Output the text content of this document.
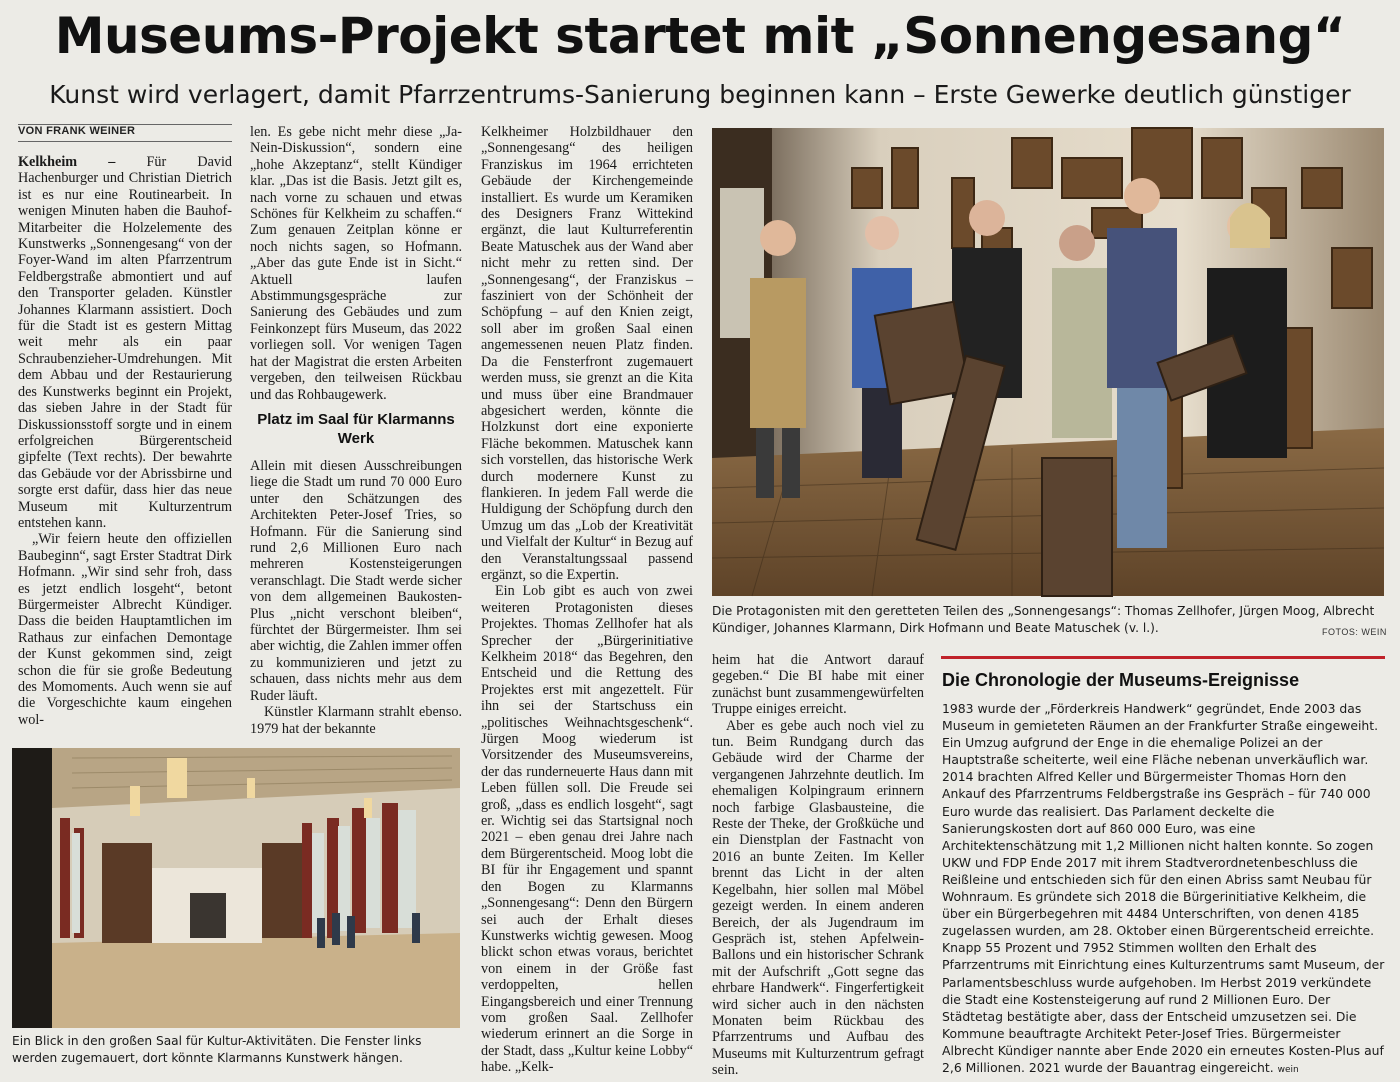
Museums-Projekt startet mit „Sonnengesang“
Kunst wird verlagert, damit Pfarrzentrums-Sanierung beginnen kann – Erste Gewerke deutlich günstiger
VON FRANK WEINER

Kelkheim – Für David Hachenburger und Christian Dietrich ist es nur eine Routinearbeit. In wenigen Minuten haben die Bauhof-Mitarbeiter die Holzelemente des Kunstwerks „Sonnengesang“ von der Foyer-Wand im alten Pfarrzentrum Feldbergstraße abmontiert und auf den Transporter geladen. Künstler Johannes Klarmann assistiert. Doch für die Stadt ist es gestern Mittag weit mehr als ein paar Schraubenzieher-Umdrehungen. Mit dem Abbau und der Restaurierung des Kunstwerks beginnt ein Projekt, das sieben Jahre in der Stadt für Diskussionsstoff sorgte und in einem erfolgreichen Bürgerentscheid gipfelte (Text rechts). Der bewahrte das Gebäude vor der Abrissbirne und sorgte erst dafür, dass hier das neue Museum mit Kulturzentrum entstehen kann.

„Wir feiern heute den offiziellen Baubeginn“, sagt Erster Stadtrat Dirk Hofmann. „Wir sind sehr froh, dass es jetzt endlich losgeht“, betont Bürgermeister Albrecht Kündiger. Dass die beiden Hauptamtlichen im Rathaus zur einfachen Demontage der Kunst gekommen sind, zeigt schon die für sie große Bedeutung des Momoments. Auch wenn sie auf die Vorgeschichte kaum eingehen wol-

len. Es gebe nicht mehr diese „Ja-Nein-Diskussion“, sondern eine „hohe Akzeptanz“, stellt Kündiger klar. „Das ist die Basis. Jetzt gilt es, nach vorne zu schauen und etwas Schönes für Kelkheim zu schaffen.“ Zum genauen Zeitplan könne er noch nichts sagen, so Hofmann. „Aber das gute Ende ist in Sicht.“ Aktuell laufen Abstimmungsgespräche zur Sanierung des Gebäudes und zum Feinkonzept fürs Museum, das 2022 vorliegen soll. Vor wenigen Tagen hat der Magistrat die ersten Arbeiten vergeben, den teilweisen Rückbau und das Rohbaugewerk.

Platz im Saal für Klarmanns Werk

Allein mit diesen Ausschreibungen liege die Stadt um rund 70 000 Euro unter den Schätzungen des Architekten Peter-Josef Tries, so Hofmann. Für die Sanierung sind rund 2,6 Millionen Euro nach mehreren Kostensteigerungen veranschlagt. Die Stadt werde sicher von dem allgemeinen Baukosten-Plus „nicht verschont bleiben“, fürchtet der Bürgermeister. Ihm sei aber wichtig, die Zahlen immer offen zu kommunizieren und jetzt zu schauen, dass nichts mehr aus dem Ruder läuft.

Künstler Klarmann strahlt ebenso. 1979 hat der bekannte

Kelkheimer Holzbildhauer den „Sonnengesang“ des heiligen Franziskus im 1964 errichteten Gebäude der Kirchengemeinde installiert. Es wurde um Keramiken des Designers Franz Wittekind ergänzt, die laut Kulturreferentin Beate Matuschek aus der Wand aber nicht mehr zu retten sind. Der „Sonnengesang“, der Franziskus – fasziniert von der Schönheit der Schöpfung – auf den Knien zeigt, soll aber im großen Saal einen angemessenen neuen Platz finden. Da die Fensterfront zugemauert werden muss, sie grenzt an die Kita und muss über eine Brandmauer abgesichert werden, könnte die Holzkunst dort eine exponierte Fläche bekommen. Matuschek kann sich vorstellen, das historische Werk durch modernere Kunst zu flankieren. In jedem Fall werde die Huldigung der Schöpfung durch den Umzug um das „Lob der Kreativität und Vielfalt der Kultur“ in Bezug auf den Veranstaltungssaal passend ergänzt, so die Expertin.

Ein Lob gibt es auch von zwei weiteren Protagonisten dieses Projektes. Thomas Zellhofer hat als Sprecher der „Bürgerinitiative Kelkheim 2018“ das Begehren, den Entscheid und die Rettung des Projektes erst mit angezettelt. Für ihn sei der Startschuss ein „politisches Weihnachtsgeschenk“. Jürgen Moog wiederum ist Vorsitzender des Museumsvereins, der das runderneuerte Haus dann mit Leben füllen soll. Die Freude sei groß, „dass es endlich losgeht“, sagt er. Wichtig sei das Startsignal noch 2021 – eben genau drei Jahre nach dem Bürgerentscheid. Moog lobt die BI für ihr Engagement und spannt den Bogen zu Klarmanns „Sonnengesang“: Denn den Bürgern sei auch der Erhalt dieses Kunstwerks wichtig gewesen. Moog blickt schon etwas voraus, berichtet von einem in der Größe fast verdoppelten, hellen Eingangsbereich und einer Trennung vom großen Saal. Zellhofer wiederum erinnert an die Sorge in der Stadt, dass „Kultur keine Lobby“ habe. „Kelk-

Die Protagonisten mit den geretteten Teilen des „Sonnengesangs“: Thomas Zellhofer, Jürgen Moog, Albrecht Kündiger, Johannes Klarmann, Dirk Hofmann und Beate Matuschek (v. l.).	FOTOS: WEIN

heim hat die Antwort darauf gegeben.“ Die BI habe mit einer zunächst bunt zusammengewürfelten Truppe einiges erreicht.

Aber es gebe auch noch viel zu tun. Beim Rundgang durch das Gebäude wird der Charme der vergangenen Jahrzehnte deutlich. Im ehemaligen Kolpingraum erinnern noch farbige Glasbausteine, die Reste der Theke, der Großküche und ein Dienstplan der Fastnacht von 2016 an bunte Zeiten. Im Keller brennt das Licht in der alten Kegelbahn, hier sollen mal Möbel gezeigt werden. In einem anderen Bereich, der als Jugendraum im Gespräch ist, stehen Apfelwein-Ballons und ein historischer Schrank mit der Aufschrift „Gott segne das ehrbare Handwerk“. Fingerfertigkeit wird sicher auch in den nächsten Monaten beim Rückbau des Pfarrzentrums und Aufbau des Museums mit Kulturzentrum gefragt sein.

Ein Blick in den großen Saal für Kultur-Aktivitäten. Die Fenster links werden zugemauert, dort könnte Klarmanns Kunstwerk hängen.
Die Chronologie der Museums-Ereignisse
1983 wurde der „Förderkreis Handwerk“ gegründet, Ende 2003 das Museum in gemieteten Räumen an der Frankfurter Straße eingeweiht. Ein Umzug aufgrund der Enge in die ehemalige Polizei an der Hauptstraße scheiterte, weil eine Fläche nebenan unverkäuflich war. 2014 brachten Alfred Keller und Bürgermeister Thomas Horn den Ankauf des Pfarrzentrums Feldbergstraße ins Gespräch – für 740 000 Euro wurde das realisiert. Das Parlament deckelte die Sanierungskosten dort auf 860 000 Euro, was eine Architektenschätzung mit 1,2 Millionen nicht halten konnte. So zogen UKW und FDP Ende 2017 mit ihrem Stadtverordnetenbeschluss die Reißleine und entschieden sich für den einen Abriss samt Neubau für Wohnraum. Es gründete sich 2018 die Bürgerinitiative Kelkheim, die über ein Bürgerbegehren mit 4484 Unterschriften, von denen 4185 zugelassen wurden, am 28. Oktober einen Bürgerentscheid erreichte. Knapp 55 Prozent und 7952 Stimmen wollten den Erhalt des Pfarrzentrums mit Einrichtung eines Kulturzentrums samt Museum, der Parlamentsbeschluss wurde aufgehoben. Im Herbst 2019 verkündete die Stadt eine Kostensteigerung auf rund 2 Millionen Euro. Der Städtetag bestätigte aber, dass der Entscheid umzusetzen sei. Die Kommune beauftragte Architekt Peter-Josef Tries. Bürgermeister Albrecht Kündiger nannte aber Ende 2020 ein erneutes Kosten-Plus auf 2,6 Millionen. 2021 wurde der Bauantrag eingereicht. wein
